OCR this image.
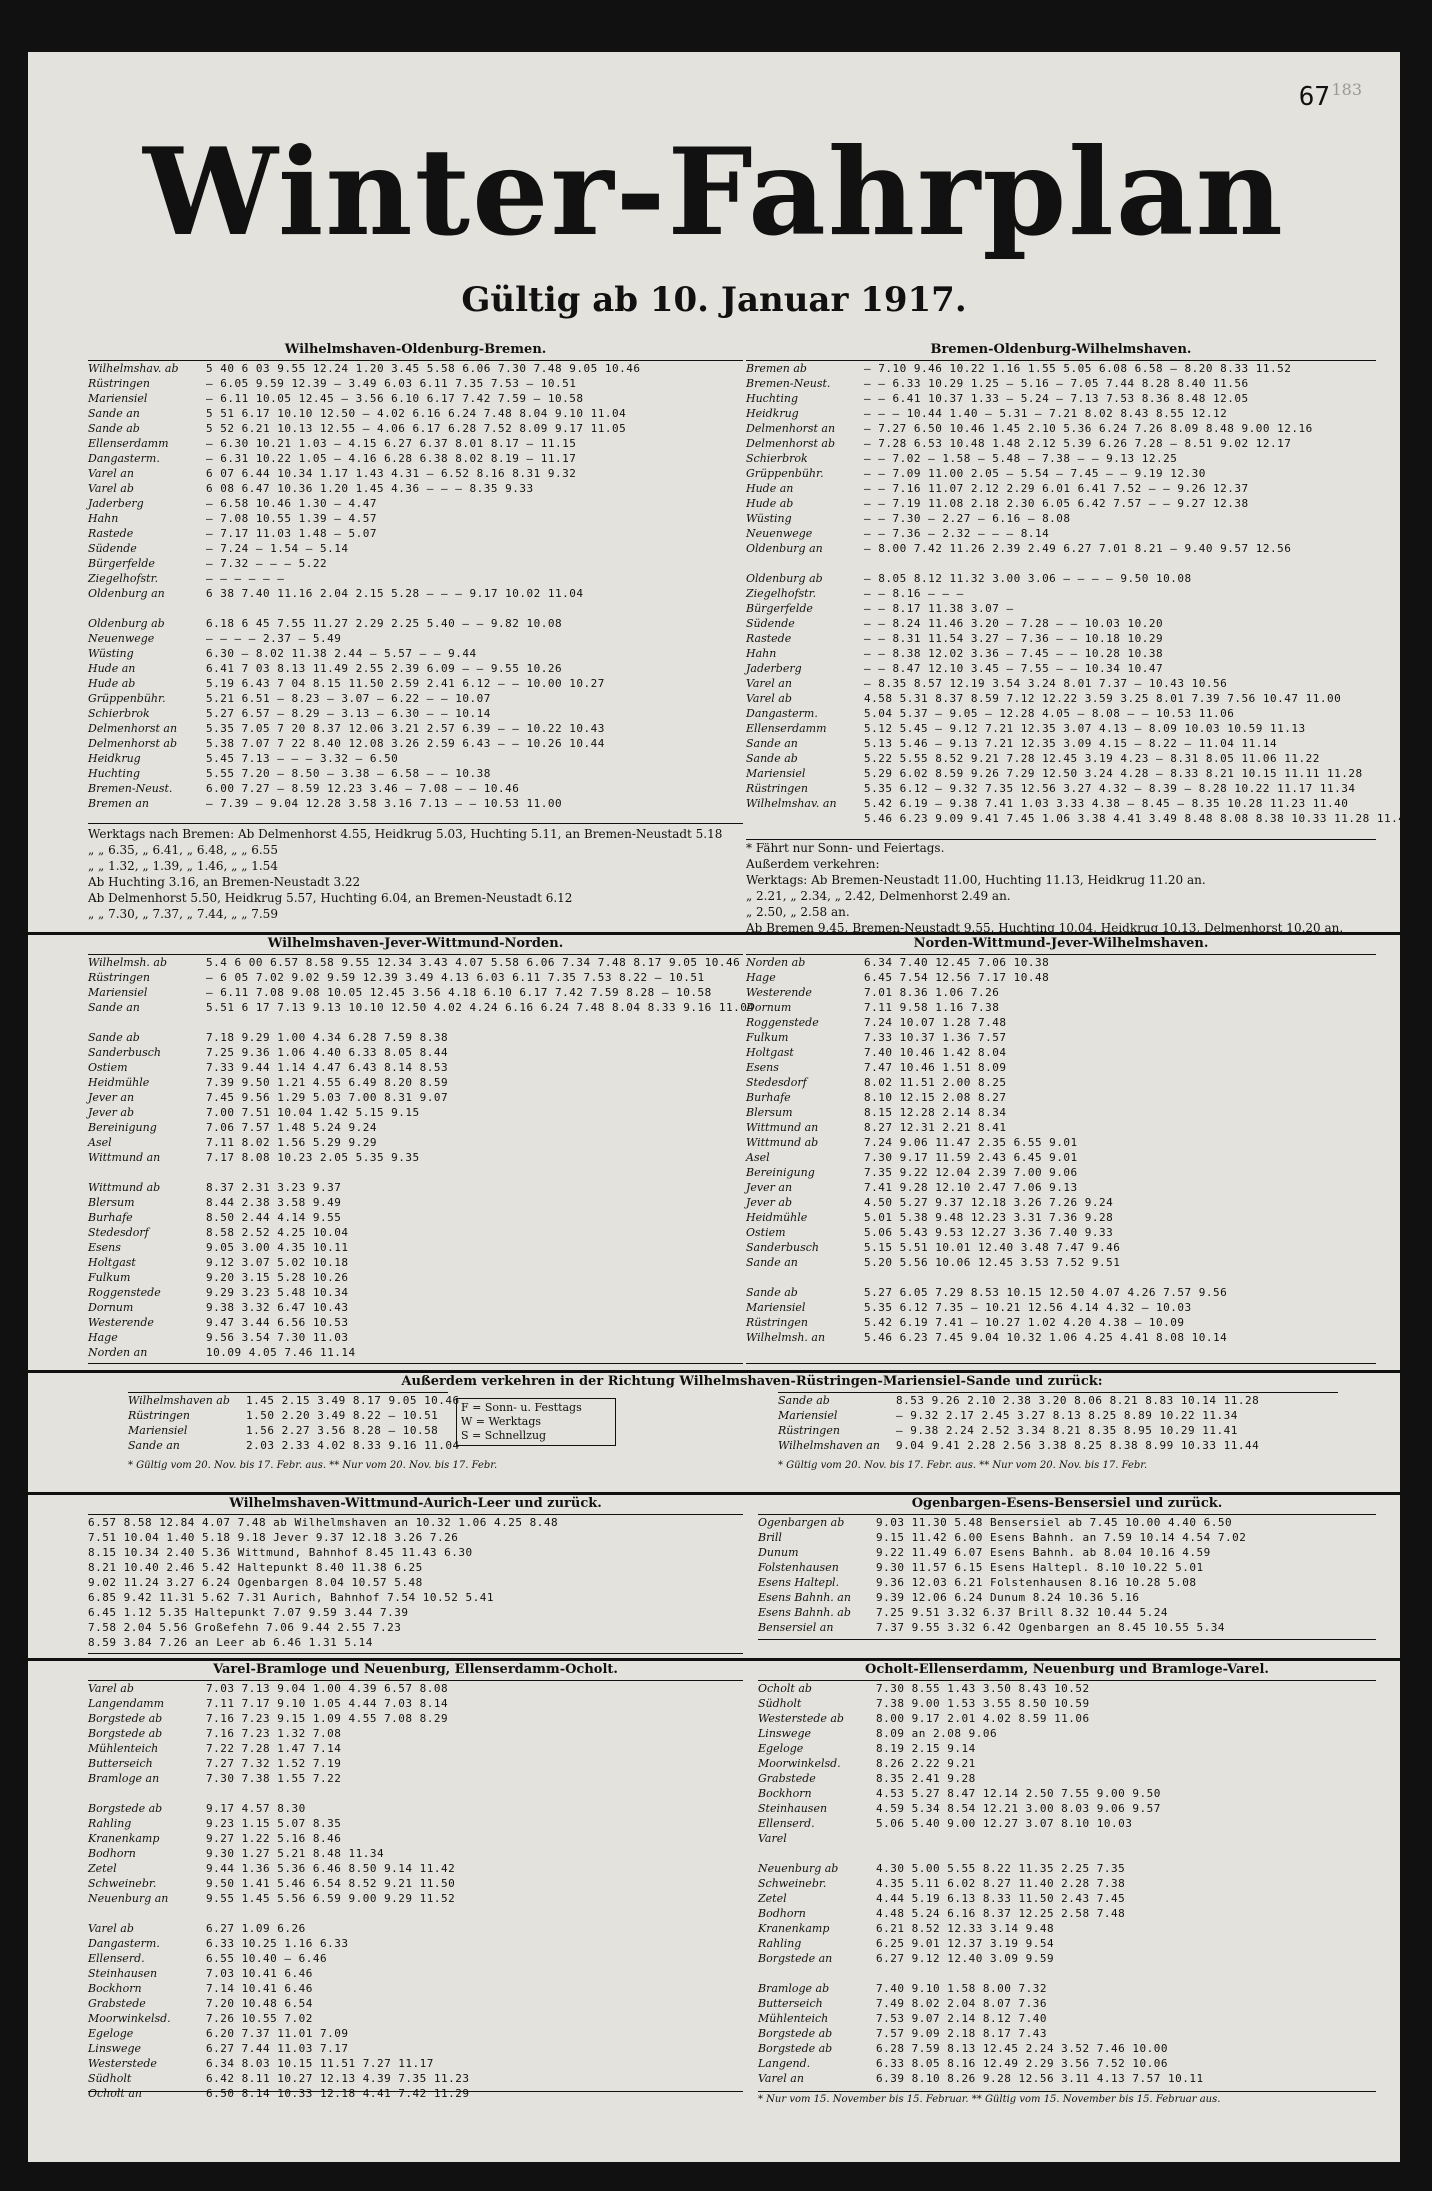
67 183
Winter-Fahrplan
Gültig ab 10. Januar 1917.
Wilhelmshaven-Oldenburg-Bremen.
Wilhelmshav. ab	5 40 6 03 9.55 12.24 1.20 3.45 5.58 6.06 7.30 7.48 9.05 10.46
Rüstringen	— 6.05 9.59 12.39 — 3.49 6.03 6.11 7.35 7.53 — 10.51
Mariensiel	— 6.11 10.05 12.45 — 3.56 6.10 6.17 7.42 7.59 — 10.58
Sande an	5 51 6.17 10.10 12.50 — 4.02 6.16 6.24 7.48 8.04 9.10 11.04
Sande ab	5 52 6.21 10.13 12.55 — 4.06 6.17 6.28 7.52 8.09 9.17 11.05
Ellenserdamm	— 6.30 10.21 1.03 — 4.15 6.27 6.37 8.01 8.17 — 11.15
Dangasterm.	— 6.31 10.22 1.05 — 4.16 6.28 6.38 8.02 8.19 — 11.17
Varel an	6 07 6.44 10.34 1.17 1.43 4.31 — 6.52 8.16 8.31 9.32
Varel ab	6 08 6.47 10.36 1.20 1.45 4.36 — — — 8.35 9.33
Jaderberg	— 6.58 10.46 1.30 — 4.47
Hahn	— 7.08 10.55 1.39 — 4.57
Rastede	— 7.17 11.03 1.48 — 5.07
Südende	— 7.24 — 1.54 — 5.14
Bürgerfelde	— 7.32 — — — 5.22
Ziegelhofstr.	— — — — — —
Oldenburg an	6 38 7.40 11.16 2.04 2.15 5.28 — — — 9.17 10.02 11.04
Oldenburg ab	6.18 6 45 7.55 11.27 2.29 2.25 5.40 — — 9.82 10.08
Neuenwege	— — — — 2.37 — 5.49
Wüsting	6.30 — 8.02 11.38 2.44 — 5.57 — — 9.44
Hude an	6.41 7 03 8.13 11.49 2.55 2.39 6.09 — — 9.55 10.26
Hude ab	5.19 6.43 7 04 8.15 11.50 2.59 2.41 6.12 — — 10.00 10.27
Grüppenbühr.	5.21 6.51 — 8.23 — 3.07 — 6.22 — — 10.07
Schierbrok	5.27 6.57 — 8.29 — 3.13 — 6.30 — — 10.14
Delmenhorst an	5.35 7.05 7 20 8.37 12.06 3.21 2.57 6.39 — — 10.22 10.43
Delmenhorst ab	5.38 7.07 7 22 8.40 12.08 3.26 2.59 6.43 — — 10.26 10.44
Heidkrug	5.45 7.13 — — — 3.32 — 6.50
Huchting	5.55 7.20 — 8.50 — 3.38 — 6.58 — — 10.38
Bremen-Neust.	6.00 7.27 — 8.59 12.23 3.46 — 7.08 — — 10.46
Bremen an	— 7.39 — 9.04 12.28 3.58 3.16 7.13 — — 10.53 11.00
Werktags nach Bremen: Ab Delmenhorst 4.55, Heidkrug 5.03, Huchting 5.11, an Bremen-Neustadt 5.18
„ „ 6.35, „ 6.41, „ 6.48, „ „ 6.55
„ „ 1.32, „ 1.39, „ 1.46, „ „ 1.54
Ab Huchting 3.16, an Bremen-Neustadt 3.22
Ab Delmenhorst 5.50, Heidkrug 5.57, Huchting 6.04, an Bremen-Neustadt 6.12
„ „ 7.30, „ 7.37, „ 7.44, „ „ 7.59
Bremen-Oldenburg-Wilhelmshaven.
Bremen ab	— 7.10 9.46 10.22 1.16 1.55 5.05 6.08 6.58 — 8.20 8.33 11.52
Bremen-Neust.	— — 6.33 10.29 1.25 — 5.16 — 7.05 7.44 8.28 8.40 11.56
Huchting	— — 6.41 10.37 1.33 — 5.24 — 7.13 7.53 8.36 8.48 12.05
Heidkrug	— — — 10.44 1.40 — 5.31 — 7.21 8.02 8.43 8.55 12.12
Delmenhorst an	— 7.27 6.50 10.46 1.45 2.10 5.36 6.24 7.26 8.09 8.48 9.00 12.16
Delmenhorst ab	— 7.28 6.53 10.48 1.48 2.12 5.39 6.26 7.28 — 8.51 9.02 12.17
Schierbrok	— — 7.02 — 1.58 — 5.48 — 7.38 — — 9.13 12.25
Grüppenbühr.	— — 7.09 11.00 2.05 — 5.54 — 7.45 — — 9.19 12.30
Hude an	— — 7.16 11.07 2.12 2.29 6.01 6.41 7.52 — — 9.26 12.37
Hude ab	— — 7.19 11.08 2.18 2.30 6.05 6.42 7.57 — — 9.27 12.38
Wüsting	— — 7.30 — 2.27 — 6.16 — 8.08
Neuenwege	— — 7.36 — 2.32 — — — 8.14
Oldenburg an	— 8.00 7.42 11.26 2.39 2.49 6.27 7.01 8.21 — 9.40 9.57 12.56
Oldenburg ab	— 8.05 8.12 11.32 3.00 3.06 — — — — 9.50 10.08
Ziegelhofstr.	— — 8.16 — — —
Bürgerfelde	— — 8.17 11.38 3.07 —
Südende	— — 8.24 11.46 3.20 — 7.28 — — 10.03 10.20
Rastede	— — 8.31 11.54 3.27 — 7.36 — — 10.18 10.29
Hahn	— — 8.38 12.02 3.36 — 7.45 — — 10.28 10.38
Jaderberg	— — 8.47 12.10 3.45 — 7.55 — — 10.34 10.47
Varel an	— 8.35 8.57 12.19 3.54 3.24 8.01 7.37 — 10.43 10.56
Varel ab	4.58 5.31 8.37 8.59 7.12 12.22 3.59 3.25 8.01 7.39 7.56 10.47 11.00
Dangasterm.	5.04 5.37 — 9.05 — 12.28 4.05 — 8.08 — — 10.53 11.06
Ellenserdamm	5.12 5.45 — 9.12 7.21 12.35 3.07 4.13 — 8.09 10.03 10.59 11.13
Sande an	5.13 5.46 — 9.13 7.21 12.35 3.09 4.15 — 8.22 — 11.04 11.14
Sande ab	5.22 5.55 8.52 9.21 7.28 12.45 3.19 4.23 — 8.31 8.05 11.06 11.22
Mariensiel	5.29 6.02 8.59 9.26 7.29 12.50 3.24 4.28 — 8.33 8.21 10.15 11.11 11.28
Rüstringen	5.35 6.12 — 9.32 7.35 12.56 3.27 4.32 — 8.39 — 8.28 10.22 11.17 11.34
Wilhelmshav. an	5.42 6.19 — 9.38 7.41 1.03 3.33 4.38 — 8.45 — 8.35 10.28 11.23 11.40
5.46 6.23 9.09 9.41 7.45 1.06 3.38 4.41 3.49 8.48 8.08 8.38 10.33 11.28 11.44
* Fährt nur Sonn- und Feiertags.
Außerdem verkehren:
Werktags: Ab Bremen-Neustadt 11.00, Huchting 11.13, Heidkrug 11.20 an.
„ 2.21, „ 2.34, „ 2.42, Delmenhorst 2.49 an.
„ 2.50, „ 2.58 an.
Ab Bremen 9.45, Bremen-Neustadt 9.55, Huchting 10.04, Heidkrug 10.13, Delmenhorst 10.20 an.
Wilhelmshaven-Jever-Wittmund-Norden.
Wilhelmsh. ab	5.4 6 00 6.57 8.58 9.55 12.34 3.43 4.07 5.58 6.06 7.34 7.48 8.17 9.05 10.46
Rüstringen	— 6 05 7.02 9.02 9.59 12.39 3.49 4.13 6.03 6.11 7.35 7.53 8.22 — 10.51
Mariensiel	— 6.11 7.08 9.08 10.05 12.45 3.56 4.18 6.10 6.17 7.42 7.59 8.28 — 10.58
Sande an	5.51 6 17 7.13 9.13 10.10 12.50 4.02 4.24 6.16 6.24 7.48 8.04 8.33 9.16 11.04
Sande ab	7.18 9.29 1.00 4.34 6.28 7.59 8.38
Sanderbusch	7.25 9.36 1.06 4.40 6.33 8.05 8.44
Ostiem	7.33 9.44 1.14 4.47 6.43 8.14 8.53
Heidmühle	7.39 9.50 1.21 4.55 6.49 8.20 8.59
Jever an	7.45 9.56 1.29 5.03 7.00 8.31 9.07
Jever ab	7.00 7.51 10.04 1.42 5.15 9.15
Bereinigung	7.06 7.57 1.48 5.24 9.24
Asel	7.11 8.02 1.56 5.29 9.29
Wittmund an	7.17 8.08 10.23 2.05 5.35 9.35
Wittmund ab	8.37 2.31 3.23 9.37
Blersum	8.44 2.38 3.58 9.49
Burhafe	8.50 2.44 4.14 9.55
Stedesdorf	8.58 2.52 4.25 10.04
Esens	9.05 3.00 4.35 10.11
Holtgast	9.12 3.07 5.02 10.18
Fulkum	9.20 3.15 5.28 10.26
Roggenstede	9.29 3.23 5.48 10.34
Dornum	9.38 3.32 6.47 10.43
Westerende	9.47 3.44 6.56 10.53
Hage	9.56 3.54 7.30 11.03
Norden an	10.09 4.05 7.46 11.14
Norden-Wittmund-Jever-Wilhelmshaven.
Norden ab	6.34 7.40 12.45 7.06 10.38
Hage	6.45 7.54 12.56 7.17 10.48
Westerende	7.01 8.36 1.06 7.26
Dornum	7.11 9.58 1.16 7.38
Roggenstede	7.24 10.07 1.28 7.48
Fulkum	7.33 10.37 1.36 7.57
Holtgast	7.40 10.46 1.42 8.04
Esens	7.47 10.46 1.51 8.09
Stedesdorf	8.02 11.51 2.00 8.25
Burhafe	8.10 12.15 2.08 8.27
Blersum	8.15 12.28 2.14 8.34
Wittmund an	8.27 12.31 2.21 8.41
Wittmund ab	7.24 9.06 11.47 2.35 6.55 9.01
Asel	7.30 9.17 11.59 2.43 6.45 9.01
Bereinigung	7.35 9.22 12.04 2.39 7.00 9.06
Jever an	7.41 9.28 12.10 2.47 7.06 9.13
Jever ab	4.50 5.27 9.37 12.18 3.26 7.26 9.24
Heidmühle	5.01 5.38 9.48 12.23 3.31 7.36 9.28
Ostiem	5.06 5.43 9.53 12.27 3.36 7.40 9.33
Sanderbusch	5.15 5.51 10.01 12.40 3.48 7.47 9.46
Sande an	5.20 5.56 10.06 12.45 3.53 7.52 9.51
Sande ab	5.27 6.05 7.29 8.53 10.15 12.50 4.07 4.26 7.57 9.56
Mariensiel	5.35 6.12 7.35 — 10.21 12.56 4.14 4.32 — 10.03
Rüstringen	5.42 6.19 7.41 — 10.27 1.02 4.20 4.38 — 10.09
Wilhelmsh. an	5.46 6.23 7.45 9.04 10.32 1.06 4.25 4.41 8.08 10.14
Außerdem verkehren in der Richtung Wilhelmshaven-Rüstringen-Mariensiel-Sande und zurück:
Wilhelmshaven ab	1.45 2.15 3.49 8.17 9.05 10.46
Rüstringen	1.50 2.20 3.49 8.22 — 10.51
Mariensiel	1.56 2.27 3.56 8.28 — 10.58
Sande an	2.03 2.33 4.02 8.33 9.16 11.04
F = Sonn- u. Festtags
W = Werktags
S = Schnellzug
Sande ab	8.53 9.26 2.10 2.38 3.20 8.06 8.21 8.83 10.14 11.28
Mariensiel	— 9.32 2.17 2.45 3.27 8.13 8.25 8.89 10.22 11.34
Rüstringen	— 9.38 2.24 2.52 3.34 8.21 8.35 8.95 10.29 11.41
Wilhelmshaven an	9.04 9.41 2.28 2.56 3.38 8.25 8.38 8.99 10.33 11.44
* Gültig vom 20. Nov. bis 17. Febr. aus. ** Nur vom 20. Nov. bis 17. Febr.	* Gültig vom 20. Nov. bis 17. Febr. aus. ** Nur vom 20. Nov. bis 17. Febr.
Wilhelmshaven-Wittmund-Aurich-Leer und zurück.
6.57 8.58 12.84 4.07 7.48 ab Wilhelmshaven an 10.32 1.06 4.25 8.48
7.51 10.04 1.40 5.18 9.18 Jever 9.37 12.18 3.26 7.26
8.15 10.34 2.40 5.36 Wittmund, Bahnhof 8.45 11.43 6.30
8.21 10.40 2.46 5.42 Haltepunkt 8.40 11.38 6.25
9.02 11.24 3.27 6.24 Ogenbargen 8.04 10.57 5.48
6.85 9.42 11.31 5.62 7.31 Aurich, Bahnhof 7.54 10.52 5.41
6.45 1.12 5.35 Haltepunkt 7.07 9.59 3.44 7.39
7.58 2.04 5.56 Großefehn 7.06 9.44 2.55 7.23
8.59 3.84 7.26 an Leer ab 6.46 1.31 5.14
Ogenbargen-Esens-Bensersiel und zurück.
Ogenbargen ab	9.03 11.30 5.48 Bensersiel ab 7.45 10.00 4.40 6.50
Brill	9.15 11.42 6.00 Esens Bahnh. an 7.59 10.14 4.54 7.02
Dunum	9.22 11.49 6.07 Esens Bahnh. ab 8.04 10.16 4.59
Folstenhausen	9.30 11.57 6.15 Esens Haltepl. 8.10 10.22 5.01
Esens Haltepl.	9.36 12.03 6.21 Folstenhausen 8.16 10.28 5.08
Esens Bahnh. an	9.39 12.06 6.24 Dunum 8.24 10.36 5.16
Esens Bahnh. ab	7.25 9.51 3.32 6.37 Brill 8.32 10.44 5.24
Bensersiel an	7.37 9.55 3.32 6.42 Ogenbargen an 8.45 10.55 5.34
Varel-Bramloge und Neuenburg, Ellenserdamm-Ocholt.
Varel ab	7.03 7.13 9.04 1.00 4.39 6.57 8.08
Langendamm	7.11 7.17 9.10 1.05 4.44 7.03 8.14
Borgstede ab	7.16 7.23 9.15 1.09 4.55 7.08 8.29
Borgstede ab	7.16 7.23 1.32 7.08
Mühlenteich	7.22 7.28 1.47 7.14
Butterseich	7.27 7.32 1.52 7.19
Bramloge an	7.30 7.38 1.55 7.22
Borgstede ab	9.17 4.57 8.30
Rahling	9.23 1.15 5.07 8.35
Kranenkamp	9.27 1.22 5.16 8.46
Bodhorn	9.30 1.27 5.21 8.48 11.34
Zetel	9.44 1.36 5.36 6.46 8.50 9.14 11.42
Schweinebr.	9.50 1.41 5.46 6.54 8.52 9.21 11.50
Neuenburg an	9.55 1.45 5.56 6.59 9.00 9.29 11.52
Varel ab	6.27 1.09 6.26
Dangasterm.	6.33 10.25 1.16 6.33
Ellenserd.	6.55 10.40 — 6.46
Steinhausen	7.03 10.41 6.46
Bockhorn	7.14 10.41 6.46
Grabstede	7.20 10.48 6.54
Moorwinkelsd.	7.26 10.55 7.02
Egeloge	6.20 7.37 11.01 7.09
Linswege	6.27 7.44 11.03 7.17
Westerstede	6.34 8.03 10.15 11.51 7.27 11.17
Südholt	6.42 8.11 10.27 12.13 4.39 7.35 11.23
Ocholt an	6.50 8.14 10.33 12.18 4.41 7.42 11.29
Ocholt-Ellenserdamm, Neuenburg und Bramloge-Varel.
Ocholt ab	7.30 8.55 1.43 3.50 8.43 10.52
Südholt	7.38 9.00 1.53 3.55 8.50 10.59
Westerstede ab	8.00 9.17 2.01 4.02 8.59 11.06
Linswege	8.09 an 2.08 9.06
Egeloge	8.19 2.15 9.14
Moorwinkelsd.	8.26 2.22 9.21
Grabstede	8.35 2.41 9.28
Bockhorn	4.53 5.27 8.47 12.14 2.50 7.55 9.00 9.50
Steinhausen	4.59 5.34 8.54 12.21 3.00 8.03 9.06 9.57
Ellenserd.	5.06 5.40 9.00 12.27 3.07 8.10 10.03
Varel
Neuenburg ab	4.30 5.00 5.55 8.22 11.35 2.25 7.35
Schweinebr.	4.35 5.11 6.02 8.27 11.40 2.28 7.38
Zetel	4.44 5.19 6.13 8.33 11.50 2.43 7.45
Bodhorn	4.48 5.24 6.16 8.37 12.25 2.58 7.48
Kranenkamp	6.21 8.52 12.33 3.14 9.48
Rahling	6.25 9.01 12.37 3.19 9.54
Borgstede an	6.27 9.12 12.40 3.09 9.59
Bramloge ab	7.40 9.10 1.58 8.00 7.32
Butterseich	7.49 8.02 2.04 8.07 7.36
Mühlenteich	7.53 9.07 2.14 8.12 7.40
Borgstede ab	7.57 9.09 2.18 8.17 7.43
Borgstede ab	6.28 7.59 8.13 12.45 2.24 3.52 7.46 10.00
Langend.	6.33 8.05 8.16 12.49 2.29 3.56 7.52 10.06
Varel an	6.39 8.10 8.26 9.28 12.56 3.11 4.13 7.57 10.11
* Nur vom 15. November bis 15. Februar. ** Gültig vom 15. November bis 15. Februar aus.
